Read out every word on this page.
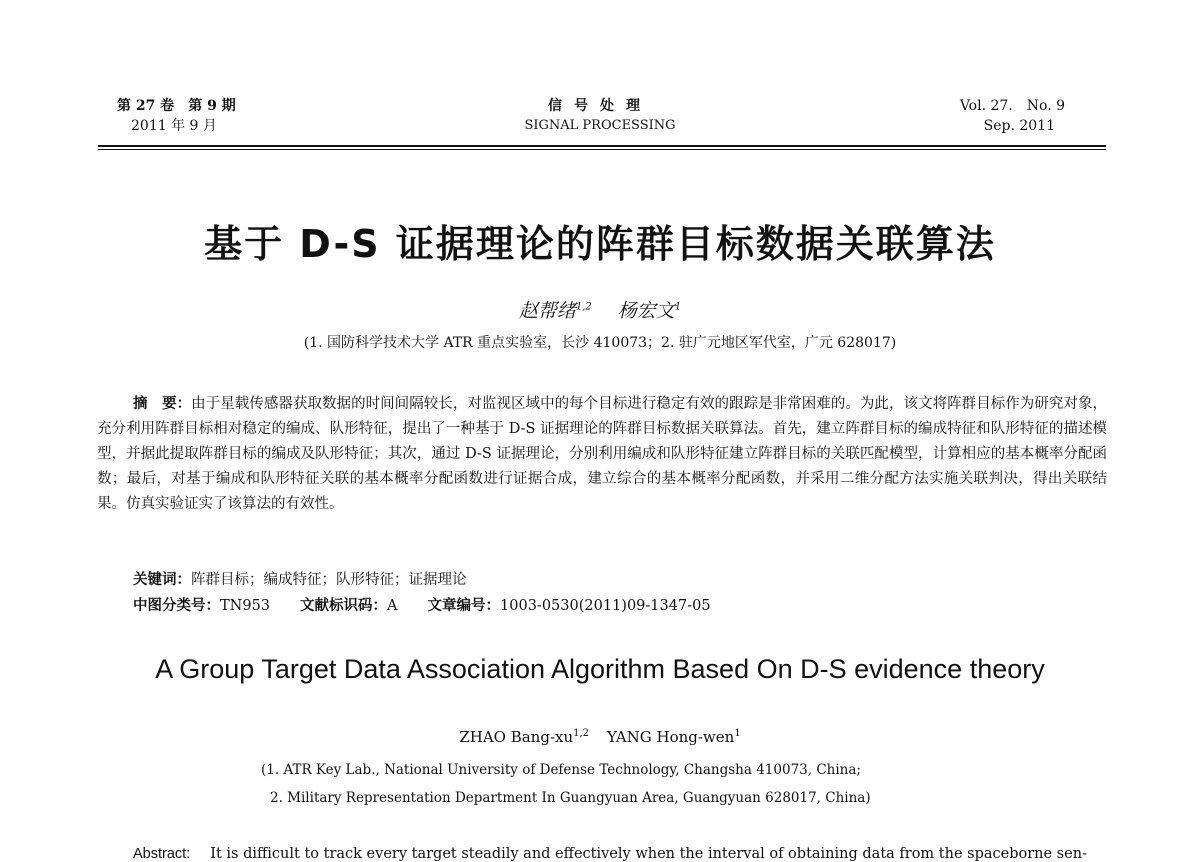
第 27 卷　第 9 期
2011 年 9 月
信号处理
SIGNAL PROCESSING
Vol. 27.　No. 9
Sep. 2011
基于 D-S 证据理论的阵群目标数据关联算法
赵帮绪$^{1,2}$ 杨宏文$^1$
(1. 国防科学技术大学 ATR 重点实验室，长沙 410073；2. 驻广元地区军代室，广元 628017)
摘　要：由于星载传感器获取数据的时间间隔较长，对监视区域中的每个目标进行稳定有效的跟踪是非常困难的。为此，该文将阵群目标作为研究对象，充分利用阵群目标相对稳定的编成、队形特征，提出了一种基于 D-S 证据理论的阵群目标数据关联算法。首先，建立阵群目标的编成特征和队形特征的描述模型，并据此提取阵群目标的编成及队形特征；其次，通过 D-S 证据理论，分别利用编成和队形特征建立阵群目标的关联匹配模型，计算相应的基本概率分配函数；最后，对基于编成和队形特征关联的基本概率分配函数进行证据合成，建立综合的基本概率分配函数，并采用二维分配方法实施关联判决，得出关联结果。仿真实验证实了该算法的有效性。
关键词：阵群目标；编成特征；队形特征；证据理论
中图分类号：TN953 文献标识码：A 文章编号：1003-0530(2011)09-1347-05
A Group Target Data Association Algorithm Based On D-S evidence theory
ZHAO Bang-xu$^{1,2}$ YANG Hong-wen$^1$
(1. ATR Key Lab., National University of Defense Technology, Changsha 410073, China;
2. Military Representation Department In Guangyuan Area, Guangyuan 628017, China)
Abstract: It is difficult to track every target steadily and effectively when the interval of obtaining data from the spaceborne sen-
